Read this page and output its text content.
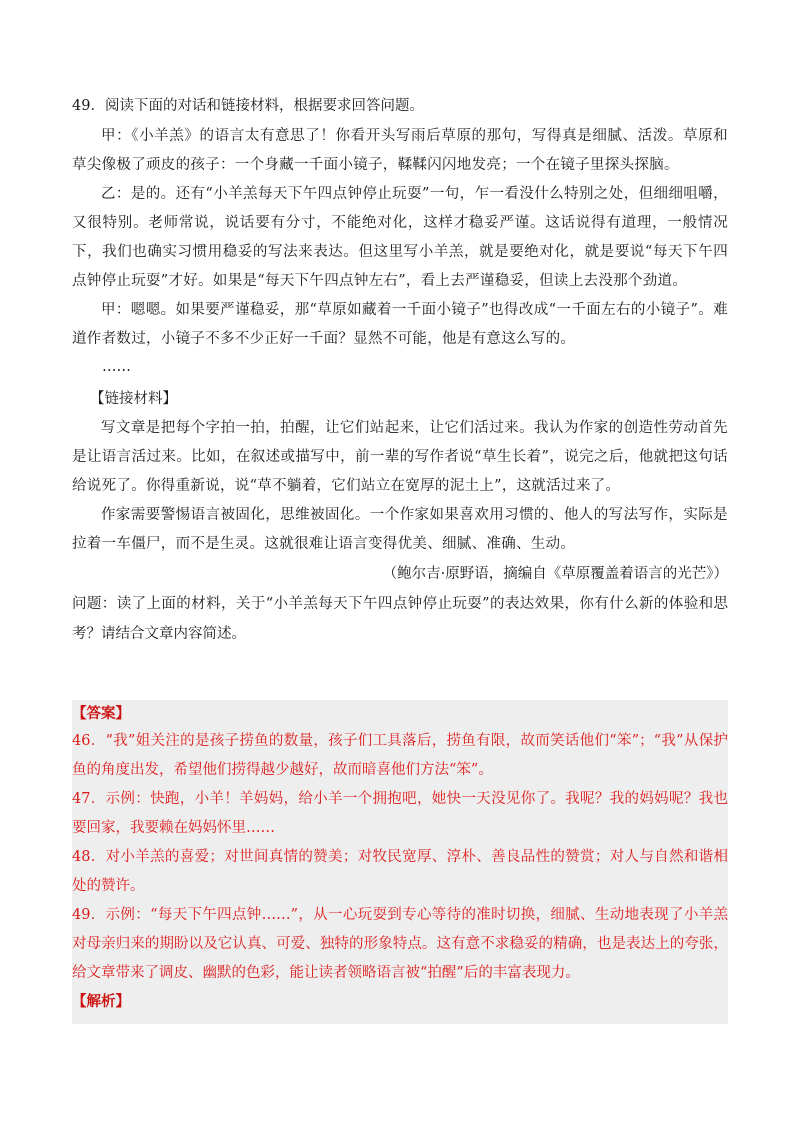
49．阅读下面的对话和链接材料，根据要求回答问题。

甲：《小羊羔》的语言太有意思了！你看开头写雨后草原的那句，写得真是细腻、活泼。草原和草尖像极了顽皮的孩子：一个身藏一千面小镜子，鞣鞣闪闪地发亮；一个在镜子里探头探脑。

乙：是的。还有“小羊羔每天下午四点钟停止玩耍”一句，乍一看没什么特别之处，但细细咀嚼，又很特别。老师常说，说话要有分寸，不能绝对化，这样才稳妥严谨。这话说得有道理，一般情况下，我们也确实习惯用稳妥的写法来表达。但这里写小羊羔，就是要绝对化，就是要说“每天下午四点钟停止玩耍”才好。如果是“每天下午四点钟左右”，看上去严谨稳妥，但读上去没那个劲道。

甲：嗯嗯。如果要严谨稳妥，那“草原如藏着一千面小镜子”也得改成“一千面左右的小镜子”。难道作者数过，小镜子不多不少正好一千面？显然不可能，他是有意这么写的。

……

【链接材料】

写文章是把每个字拍一拍，拍醒，让它们站起来，让它们活过来。我认为作家的创造性劳动首先是让语言活过来。比如，在叙述或描写中，前一辈的写作者说“草生长着”，说完之后，他就把这句话给说死了。你得重新说，说“草不躺着，它们站立在宽厚的泥土上”，这就活过来了。

作家需要警惕语言被固化，思维被固化。一个作家如果喜欢用习惯的、他人的写法写作，实际是拉着一车僵尸，而不是生灵。这就很难让语言变得优美、细腻、准确、生动。

（鲍尔吉·原野语，摘编自《草原覆盖着语言的光芒》）

问题：读了上面的材料，关于“小羊羔每天下午四点钟停止玩耍”的表达效果，你有什么新的体验和思考？请结合文章内容简述。

【答案】

46．“我”姐关注的是孩子捞鱼的数量，孩子们工具落后，捞鱼有限，故而笑话他们“笨”；“我”从保护鱼的角度出发，希望他们捞得越少越好，故而暗喜他们方法“笨”。

47．示例：快跑，小羊！羊妈妈，给小羊一个拥抱吧，她快一天没见你了。我呢？我的妈妈呢？我也要回家，我要赖在妈妈怀里……

48．对小羊羔的喜爱；对世间真情的赞美；对牧民宽厚、淳朴、善良品性的赞赏；对人与自然和谐相处的赞许。

49．示例：“每天下午四点钟……”，从一心玩耍到专心等待的准时切换，细腻、生动地表现了小羊羔对母亲归来的期盼以及它认真、可爱、独特的形象特点。这有意不求稳妥的精确，也是表达上的夸张，给文章带来了调皮、幽默的色彩，能让读者领略语言被“拍醒”后的丰富表现力。

【解析】
